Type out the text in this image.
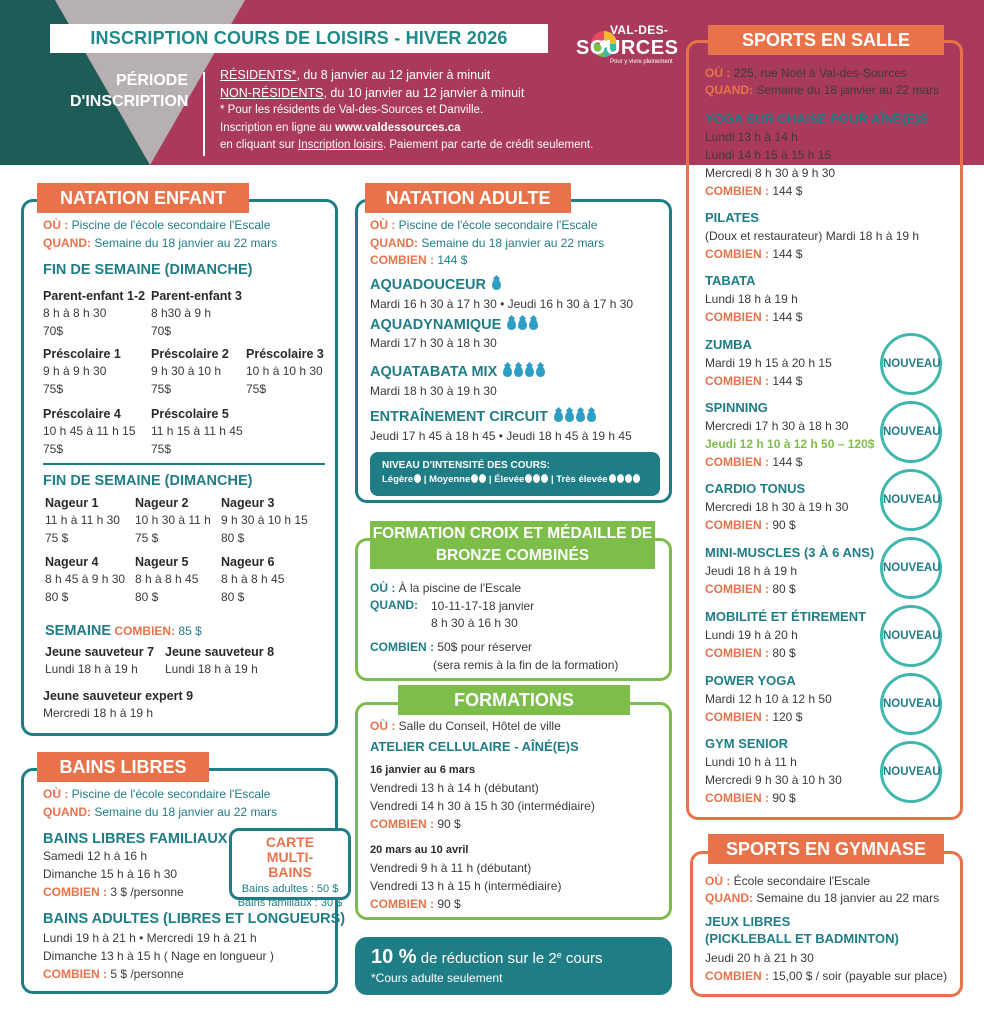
INSCRIPTION COURS DE LOISIRS - HIVER 2026	VAL-DES-
SOURCES
Pour y vivre pleinement
PÉRIODE D'INSCRIPTION
RÉSIDENTS*, du 8 janvier au 12 janvier à minuit
NON-RÉSIDENTS, du 10 janvier au 12 janvier à minuit
* Pour les résidents de Val-des-Sources et Danville.
Inscription en ligne au www.valdessources.ca
en cliquant sur Inscription loisirs. Paiement par carte de crédit seulement.
NATATION ENFANT
OÙ : Piscine de l'école secondaire l'Escale
QUAND: Semaine du 18 janvier au 22 mars
FIN DE SEMAINE (DIMANCHE)
Parent-enfant 1-2
8 h à 8 h 30
70$
Parent-enfant 3
8 h30 à 9 h
70$
Préscolaire 1
9 h à 9 h 30
75$
Préscolaire 2
9 h 30 à 10 h
75$
Préscolaire 3
10 h à 10 h 30
75$
Préscolaire 4
10 h 45 à 11 h 15
75$
Préscolaire 5
11 h 15 à 11 h 45
75$
FIN DE SEMAINE (DIMANCHE)
Nageur 1
11 h à 11 h 30
75 $
Nageur 2
10 h 30 à 11 h
75 $
Nageur 3
9 h 30 à 10 h 15
80 $
Nageur 4
8 h 45 à 9 h 30
80 $
Nageur 5
8 h à 8 h 45
80 $
Nageur 6
8 h à 8 h 45
80 $
SEMAINE COMBIEN: 85 $
Jeune sauveteur 7
Lundi 18 h à 19 h
Jeune sauveteur 8
Lundi 18 h à 19 h
Jeune sauveteur expert 9
Mercredi 18 h à 19 h
BAINS LIBRES
OÙ : Piscine de l'école secondaire l'Escale
QUAND: Semaine du 18 janvier au 22 mars
BAINS LIBRES FAMILIAUX
Samedi 12 h à 16 h
Dimanche 15 h à 16 h 30
COMBIEN : 3 $ /personne
CARTE MULTI-BAINS
Bains adultes : 50 $
Bains familiaux : 30 $
BAINS ADULTES (LIBRES ET LONGUEURS)
Lundi 19 h à 21 h • Mercredi 19 h à 21 h
Dimanche 13 h à 15 h ( Nage en longueur )
COMBIEN : 5 $ /personne
NATATION ADULTE
OÙ : Piscine de l'école secondaire l'Escale
QUAND: Semaine du 18 janvier au 22 mars
COMBIEN : 144 $
AQUADOUCEUR
Mardi 16 h 30 à 17 h 30 • Jeudi 16 h 30 à 17 h 30
AQUADYNAMIQUE
Mardi 17 h 30 à 18 h 30
AQUATABATA MIX
Mardi 18 h 30 à 19 h 30
ENTRAÎNEMENT CIRCUIT
Jeudi 17 h 45 à 18 h 45 • Jeudi 18 h 45 à 19 h 45
NIVEAU D'INTENSITÉ DES COURS:
Légère | Moyenne | Élevée	| Très élevée
FORMATION CROIX ET MÉDAILLE DE BRONZE COMBINÉS
OÙ : À la piscine de l'Escale
QUAND: 10-11-17-18 janvier
8 h 30 à 16 h 30
COMBIEN : 50$ pour réserver
(sera remis à la fin de la formation)
FORMATIONS
OÙ : Salle du Conseil, Hôtel de ville
ATELIER CELLULAIRE - AÎNÉ(E)S
16 janvier au 6 mars
Vendredi 13 h à 14 h (débutant)
Vendredi 14 h 30 à 15 h 30 (intermédiaire)
COMBIEN : 90 $
20 mars au 10 avril
Vendredi 9 h à 11 h (débutant)
Vendredi 13 h à 15 h (intermédiaire)
COMBIEN : 90 $
10 % de réduction sur le 2e cours
*Cours adulte seulement
SPORTS EN SALLE
OÙ : 225, rue Noël à Val-des-Sources
QUAND: Semaine du 18 janvier au 22 mars
YOGA SUR CHAISE POUR AÎNÉ(E)S
Lundi 13 h à 14 h
Lundi 14 h 15 à 15 h 15
Mercredi 8 h 30 à 9 h 30
COMBIEN : 144 $
PILATES
(Doux et restaurateur) Mardi 18 h à 19 h
COMBIEN : 144 $
TABATA
Lundi 18 h à 19 h
COMBIEN : 144 $
ZUMBA
Mardi 19 h 15 à 20 h 15
COMBIEN : 144 $
NOUVEAU
SPINNING
Mercredi 17 h 30 à 18 h 30
Jeudi 12 h 10 à 12 h 50 – 120$
COMBIEN : 144 $
NOUVEAU
CARDIO TONUS
Mercredi 18 h 30 à 19 h 30
COMBIEN : 90 $
NOUVEAU
MINI-MUSCLES (3 À 6 ANS)
Jeudi 18 h à 19 h
COMBIEN : 80 $
NOUVEAU
MOBILITÉ ET ÉTIREMENT
Lundi 19 h à 20 h
COMBIEN : 80 $
NOUVEAU
POWER YOGA
Mardi 12 h 10 à 12 h 50
COMBIEN : 120 $
NOUVEAU
GYM SENIOR
Lundi 10 h à 11 h
Mercredi 9 h 30 à 10 h 30
COMBIEN : 90 $
NOUVEAU
SPORTS EN GYMNASE
OÙ : École secondaire l'Escale
QUAND: Semaine du 18 janvier au 22 mars
JEUX LIBRES
(PICKLEBALL ET BADMINTON)
Jeudi 20 h à 21 h 30
COMBIEN : 15,00 $ / soir (payable sur place)
